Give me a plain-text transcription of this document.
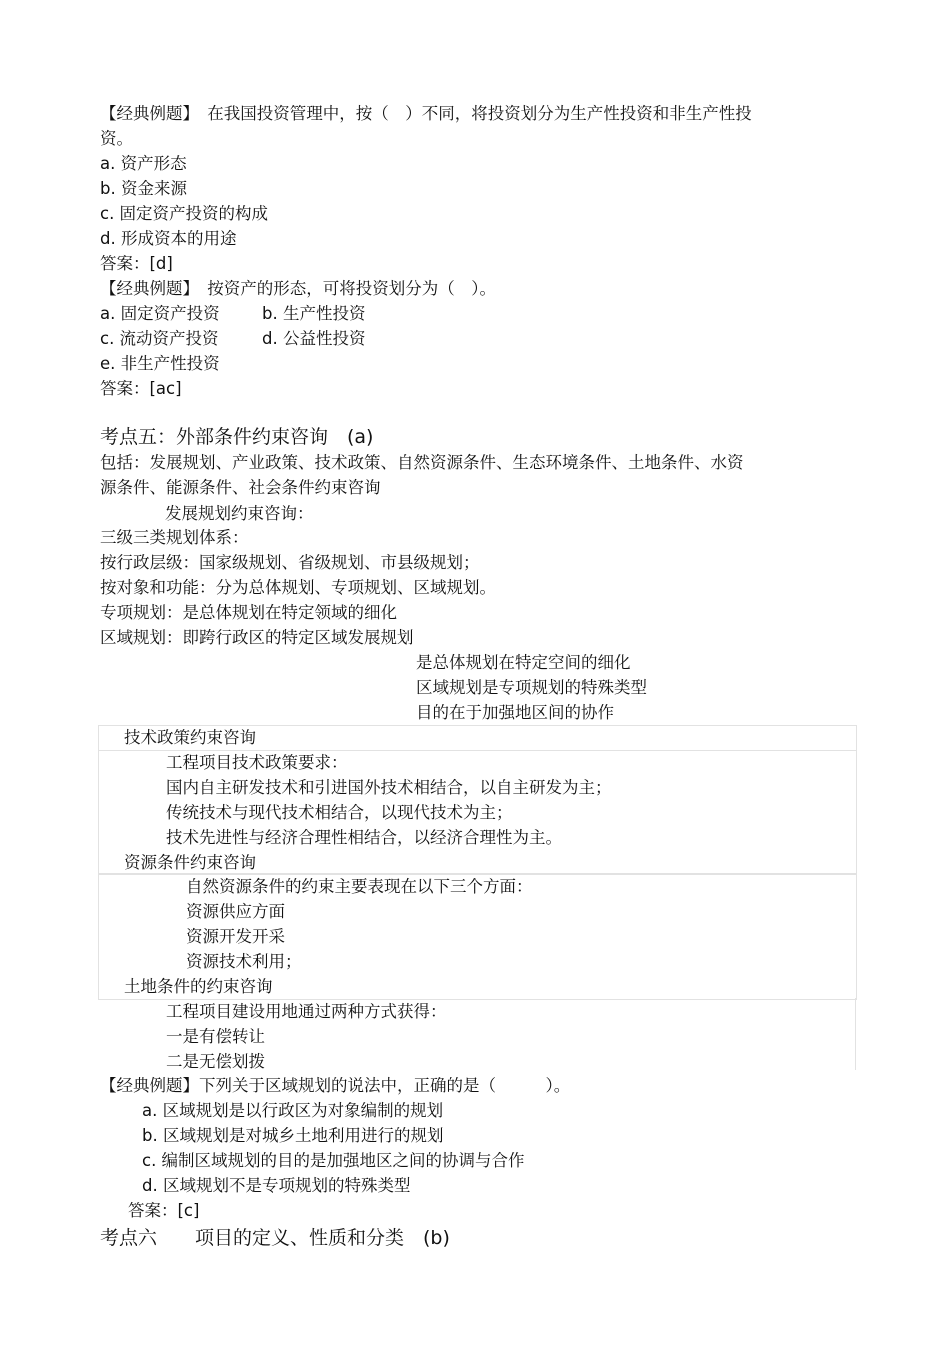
【经典例题】　在我国投资管理中，按（　）不同，将投资划分为生产性投资和非生产性投
资。
a. 资产形态
b. 资金来源
c. 固定资产投资的构成
d. 形成资本的用途
答案：[d]
【经典例题】　按资产的形态，可将投资划分为（　）。
a. 固定资产投资	b. 生产性投资
c. 流动资产投资	d. 公益性投资
e. 非生产性投资
答案：[ac]
考点五：外部条件约束咨询　(a)
包括：发展规划、产业政策、技术政策、自然资源条件、生态环境条件、土地条件、水资
源条件、能源条件、社会条件约束咨询
发展规划约束咨询：
三级三类规划体系：
按行政层级：国家级规划、省级规划、市县级规划；
按对象和功能：分为总体规划、专项规划、区域规划。
专项规划：是总体规划在特定领域的细化
区域规划：即跨行政区的特定区域发展规划
是总体规划在特定空间的细化
区域规划是专项规划的特殊类型
目的在于加强地区间的协作
技术政策约束咨询
工程项目技术政策要求：
国内自主研发技术和引进国外技术相结合，以自主研发为主；
传统技术与现代技术相结合，以现代技术为主；
技术先进性与经济合理性相结合，以经济合理性为主。
资源条件约束咨询
自然资源条件的约束主要表现在以下三个方面：
资源供应方面
资源开发开采
资源技术利用；
土地条件的约束咨询
工程项目建设用地通过两种方式获得：
一是有偿转让
二是无偿划拨
【经典例题】下列关于区域规划的说法中，正确的是（　　　）。
a. 区域规划是以行政区为对象编制的规划
b. 区域规划是对城乡土地利用进行的规划
c. 编制区域规划的目的是加强地区之间的协调与合作
d. 区域规划不是专项规划的特殊类型
答案：[c]
考点六　　项目的定义、性质和分类　(b)
